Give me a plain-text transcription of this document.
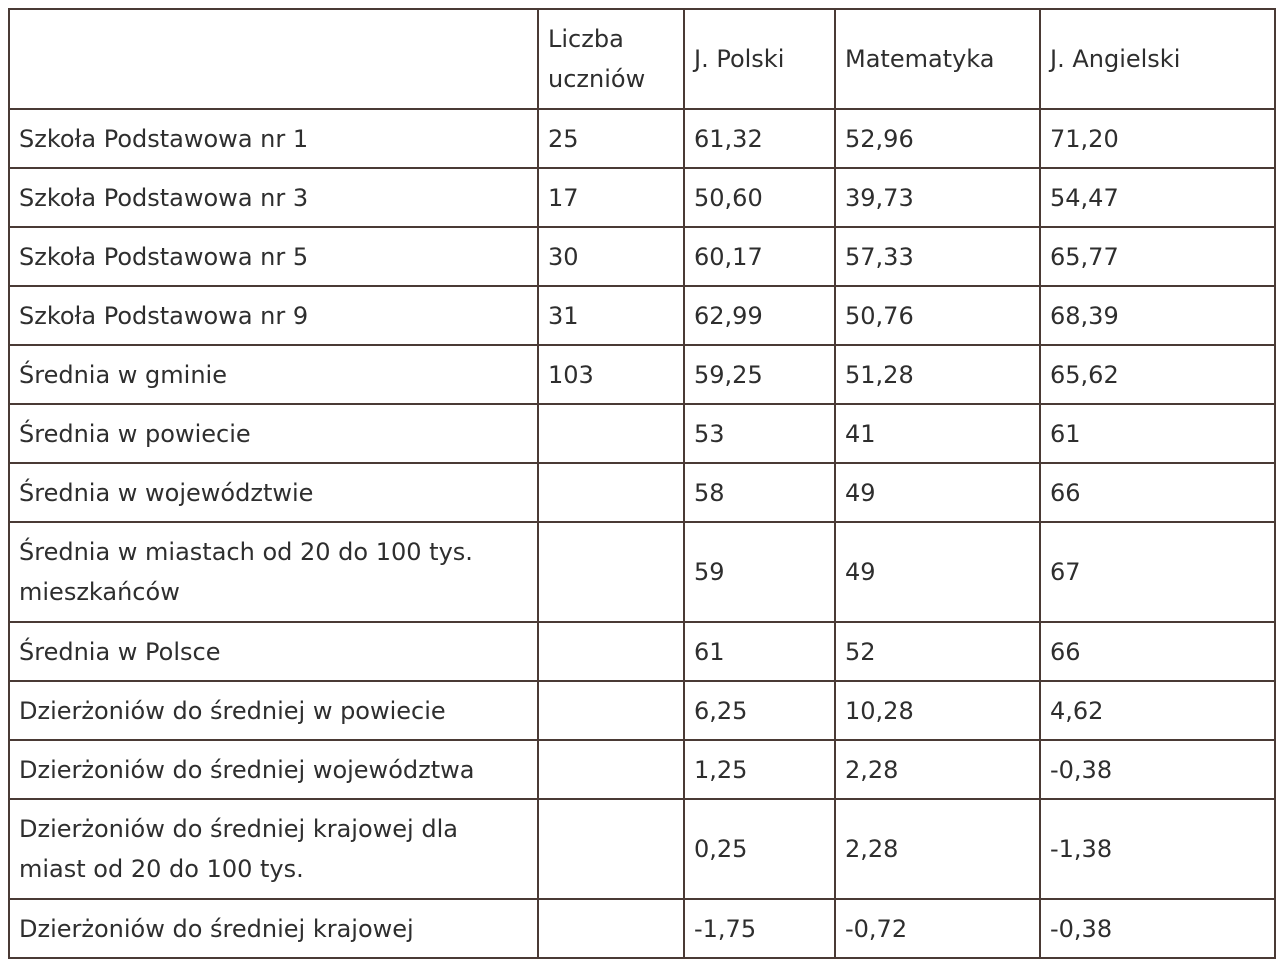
	Liczba uczniów	J. Polski	Matematyka	J. Angielski
Szkoła Podstawowa nr 1	25	61,32	52,96	71,20
Szkoła Podstawowa nr 3	17	50,60	39,73	54,47
Szkoła Podstawowa nr 5	30	60,17	57,33	65,77
Szkoła Podstawowa nr 9	31	62,99	50,76	68,39
Średnia w gminie	103	59,25	51,28	65,62
Średnia w powiecie		53	41	61
Średnia w województwie		58	49	66
Średnia w miastach od 20 do 100 tys. mieszkańców		59	49	67
Średnia w Polsce		61	52	66
Dzierżoniów do średniej w powiecie		6,25	10,28	4,62
Dzierżoniów do średniej województwa		1,25	2,28	-0,38
Dzierżoniów do średniej krajowej dla miast od 20 do 100 tys.		0,25	2,28	-1,38
Dzierżoniów do średniej krajowej		-1,75	-0,72	-0,38
